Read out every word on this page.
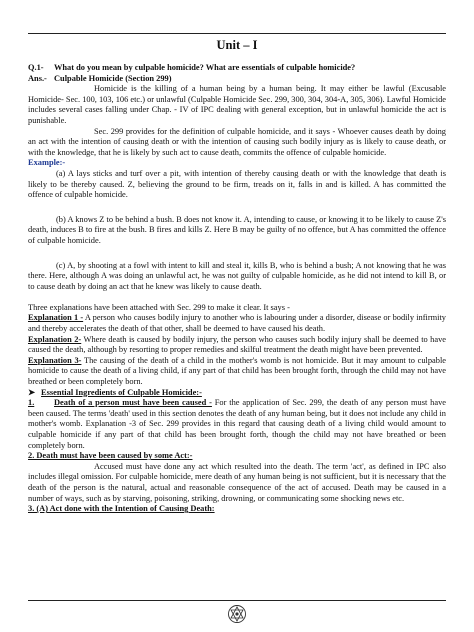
Unit – I

Q.1- What do you mean by culpable homicide? What are essentials of culpable homicide?

Ans.- Culpable Homicide (Section 299)

Homicide is the killing of a human being by a human being. It may either be lawful (Excusable Homicide- Sec. 100, 103, 106 etc.) or unlawful (Culpable Homicide Sec. 299, 300, 304, 304-A, 305, 306). Lawful Homicide includes several cases falling under Chap. - IV of IPC dealing with general exception, but in unlawful homicide the act is punishable.

Sec. 299 provides for the definition of culpable homicide, and it says - Whoever causes death by doing an act with the intention of causing death or with the intention of causing such bodily injury as is likely to cause death, or with the knowledge, that he is likely by such act to cause death, commits the offence of culpable homicide.

Example:-

(a) A lays sticks and turf over a pit, with intention of thereby causing death or with the knowledge that death is likely to be thereby caused. Z, believing the ground to be firm, treads on it, falls in and is killed. A has committed the offence of culpable homicide.

(b) A knows Z to be behind a bush. B does not know it. A, intending to cause, or knowing it to be likely to cause Z's death, induces B to fire at the bush. B fires and kills Z. Here B may be guilty of no offence, but A has committed the offence of culpable homicide.

(c) A, by shooting at a fowl with intent to kill and steal it, kills B, who is behind a bush; A not knowing that he was there. Here, although A was doing an unlawful act, he was not guilty of culpable homicide, as he did not intend to kill B, or to cause death by doing an act that he knew was likely to cause death.

Three explanations have been attached with Sec. 299 to make it clear. It says -

Explanation 1 - A person who causes bodily injury to another who is labouring under a disorder, disease or bodily infirmity and thereby accelerates the death of that other, shall be deemed to have caused his death.

Explanation 2- Where death is caused by bodily injury, the person who causes such bodily injury shall be deemed to have caused the death, although by resorting to proper remedies and skilful treatment the death might have been prevented.

Explanation 3- The causing of the death of a child in the mother's womb is not homicide. But it may amount to culpable homicide to cause the death of a living child, if any part of that child has been brought forth, through the child may not have breathed or been completely born.

➤ Essential Ingredients of Culpable Homicide:-

1. Death of a person must have been caused - For the application of Sec. 299, the death of any person must have been caused. The terms 'death' used in this section denotes the death of any human being, but it does not include any child in mother's womb. Explanation -3 of Sec. 299 provides in this regard that causing death of a living child would amount to culpable homicide if any part of that child has been brought forth, though the child may not have breathed or been completely born.

2. Death must have been caused by some Act:-

Accused must have done any act which resulted into the death. The term 'act', as defined in IPC also includes illegal omission. For culpable homicide, mere death of any human being is not sufficient, but it is necessary that the death of the person is the natural, actual and reasonable consequence of the act of accused. Death may be caused in a number of ways, such as by starving, poisoning, striking, drowning, or communicating some shocking news etc.

3. (A) Act done with the Intention of Causing Death:
